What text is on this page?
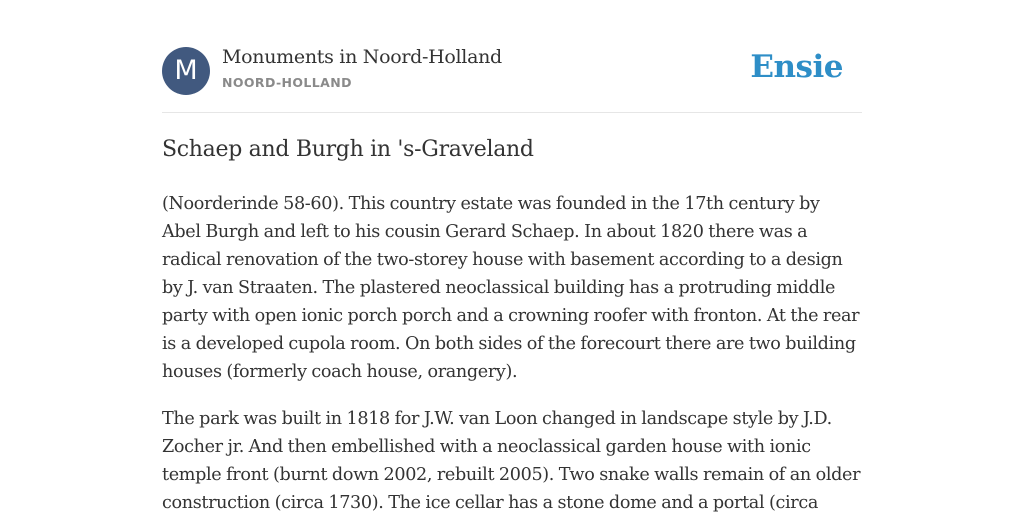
M	Monuments in Noord-Holland
NOORD-HOLLAND	Ensie
Schaep and Burgh in 's-Graveland

(Noorderinde 58-60). This country estate was founded in the 17th century by Abel Burgh and left to his cousin Gerard Schaep. In about 1820 there was a radical renovation of the two-storey house with basement according to a design by J. van Straaten. The plastered neoclassical building has a protruding middle party with open ionic porch porch and a crowning roofer with fronton. At the rear is a developed cupola room. On both sides of the forecourt there are two building houses (formerly coach house, orangery).

The park was built in 1818 for J.W. van Loon changed in landscape style by J.D. Zocher jr. And then embellished with a neoclassical garden house with ionic temple front (burnt down 2002, rebuilt 2005). Two snake walls remain of an older construction (circa 1730). The ice cellar has a stone dome and a portal (circa
